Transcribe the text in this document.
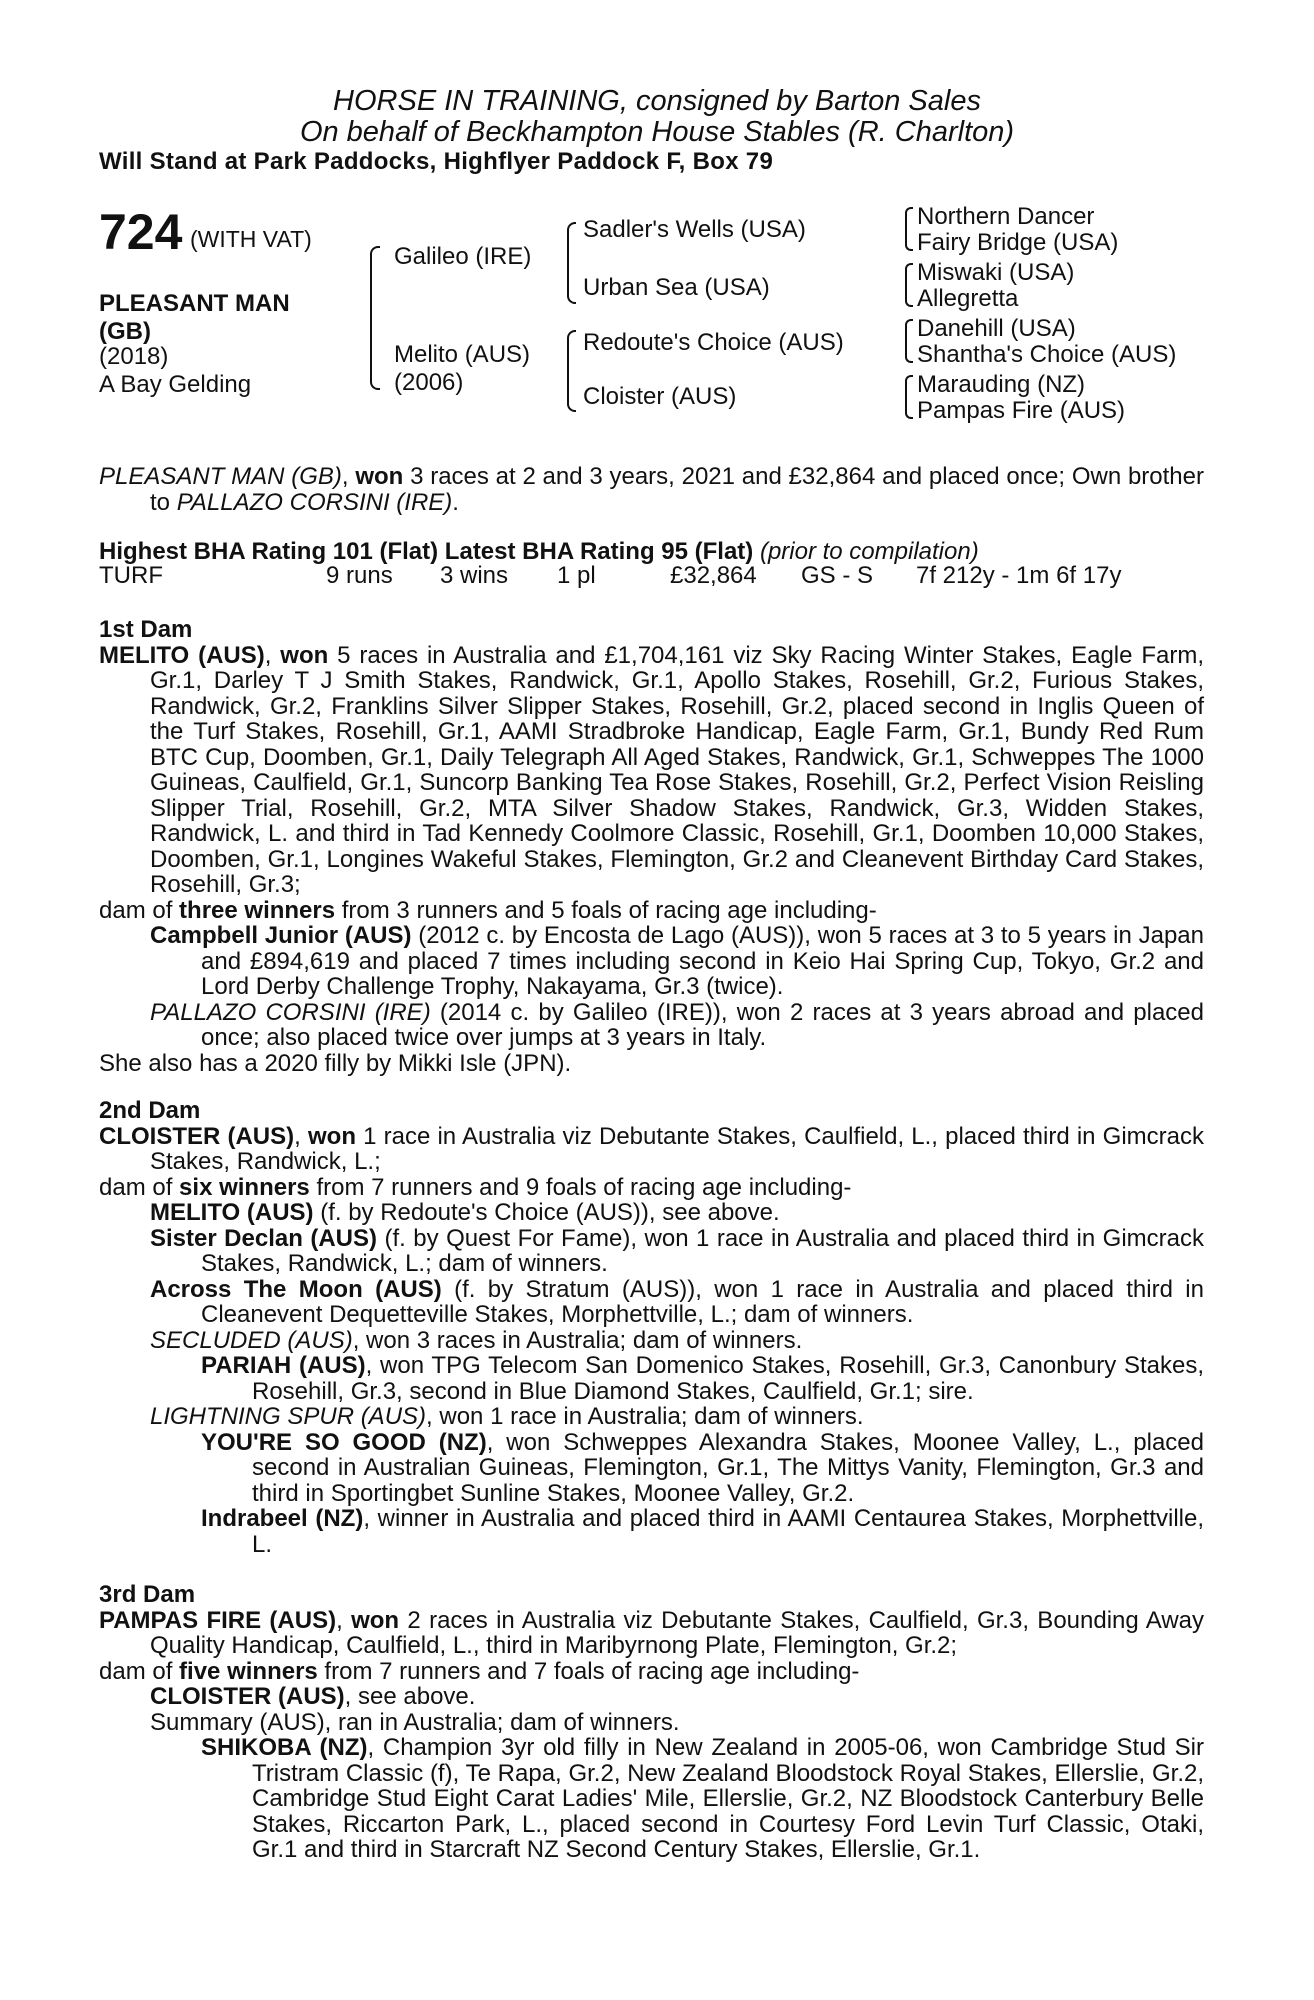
HORSE IN TRAINING, consigned by Barton Sales
On behalf of Beckhampton House Stables (R. Charlton)
Will Stand at Park Paddocks, Highflyer Paddock F, Box 79
724 (WITH VAT)
PLEASANT MAN
(GB)
(2018)
A Bay Gelding
Galileo (IRE)
Melito (AUS)
(2006)
Sadler's Wells (USA)
Urban Sea (USA)
Redoute's Choice (AUS)
Cloister (AUS)
Northern Dancer
Fairy Bridge (USA)
Miswaki (USA)
Allegretta
Danehill (USA)
Shantha's Choice (AUS)
Marauding (NZ)
Pampas Fire (AUS)

PLEASANT MAN (GB), won 3 races at 2 and 3 years, 2021 and £32,864 and placed once; Own brother to PALLAZO CORSINI (IRE).

Highest BHA Rating 101 (Flat) Latest BHA Rating 95 (Flat) (prior to compilation)
TURF	9 runs 3 wins 1 pl	£32,864 GS - S 7f 212y - 1m 6f 17y
1st Dam

MELITO (AUS), won 5 races in Australia and £1,704,161 viz Sky Racing Winter Stakes, Eagle Farm, Gr.1, Darley T J Smith Stakes, Randwick, Gr.1, Apollo Stakes, Rosehill, Gr.2, Furious Stakes, Randwick, Gr.2, Franklins Silver Slipper Stakes, Rosehill, Gr.2, placed second in Inglis Queen of the Turf Stakes, Rosehill, Gr.1, AAMI Stradbroke Handicap, Eagle Farm, Gr.1, Bundy Red Rum BTC Cup, Doomben, Gr.1, Daily Telegraph All Aged Stakes, Randwick, Gr.1, Schweppes The 1000 Guineas, Caulfield, Gr.1, Suncorp Banking Tea Rose Stakes, Rosehill, Gr.2, Perfect Vision Reisling Slipper Trial, Rosehill, Gr.2, MTA Silver Shadow Stakes, Randwick, Gr.3, Widden Stakes, Randwick, L. and third in Tad Kennedy Coolmore Classic, Rosehill, Gr.1, Doomben 10,000 Stakes, Doomben, Gr.1, Longines Wakeful Stakes, Flemington, Gr.2 and Cleanevent Birthday Card Stakes, Rosehill, Gr.3;

dam of three winners from 3 runners and 5 foals of racing age including-

Campbell Junior (AUS) (2012 c. by Encosta de Lago (AUS)), won 5 races at 3 to 5 years in Japan and £894,619 and placed 7 times including second in Keio Hai Spring Cup, Tokyo, Gr.2 and Lord Derby Challenge Trophy, Nakayama, Gr.3 (twice).

PALLAZO CORSINI (IRE) (2014 c. by Galileo (IRE)), won 2 races at 3 years abroad and placed once; also placed twice over jumps at 3 years in Italy.

She also has a 2020 filly by Mikki Isle (JPN).

2nd Dam

CLOISTER (AUS), won 1 race in Australia viz Debutante Stakes, Caulfield, L., placed third in Gimcrack Stakes, Randwick, L.;

dam of six winners from 7 runners and 9 foals of racing age including-

MELITO (AUS) (f. by Redoute's Choice (AUS)), see above.

Sister Declan (AUS) (f. by Quest For Fame), won 1 race in Australia and placed third in Gimcrack Stakes, Randwick, L.; dam of winners.

Across The Moon (AUS) (f. by Stratum (AUS)), won 1 race in Australia and placed third in Cleanevent Dequetteville Stakes, Morphettville, L.; dam of winners.

SECLUDED (AUS), won 3 races in Australia; dam of winners.

PARIAH (AUS), won TPG Telecom San Domenico Stakes, Rosehill, Gr.3, Canonbury Stakes, Rosehill, Gr.3, second in Blue Diamond Stakes, Caulfield, Gr.1; sire.

LIGHTNING SPUR (AUS), won 1 race in Australia; dam of winners.

YOU'RE SO GOOD (NZ), won Schweppes Alexandra Stakes, Moonee Valley, L., placed second in Australian Guineas, Flemington, Gr.1, The Mittys Vanity, Flemington, Gr.3 and third in Sportingbet Sunline Stakes, Moonee Valley, Gr.2.

Indrabeel (NZ), winner in Australia and placed third in AAMI Centaurea Stakes, Morphettville, L.

3rd Dam

PAMPAS FIRE (AUS), won 2 races in Australia viz Debutante Stakes, Caulfield, Gr.3, Bounding Away Quality Handicap, Caulfield, L., third in Maribyrnong Plate, Flemington, Gr.2;

dam of five winners from 7 runners and 7 foals of racing age including-

CLOISTER (AUS), see above.

Summary (AUS), ran in Australia; dam of winners.

SHIKOBA (NZ), Champion 3yr old filly in New Zealand in 2005-06, won Cambridge Stud Sir Tristram Classic (f), Te Rapa, Gr.2, New Zealand Bloodstock Royal Stakes, Ellerslie, Gr.2, Cambridge Stud Eight Carat Ladies' Mile, Ellerslie, Gr.2, NZ Bloodstock Canterbury Belle Stakes, Riccarton Park, L., placed second in Courtesy Ford Levin Turf Classic, Otaki, Gr.1 and third in Starcraft NZ Second Century Stakes, Ellerslie, Gr.1.
